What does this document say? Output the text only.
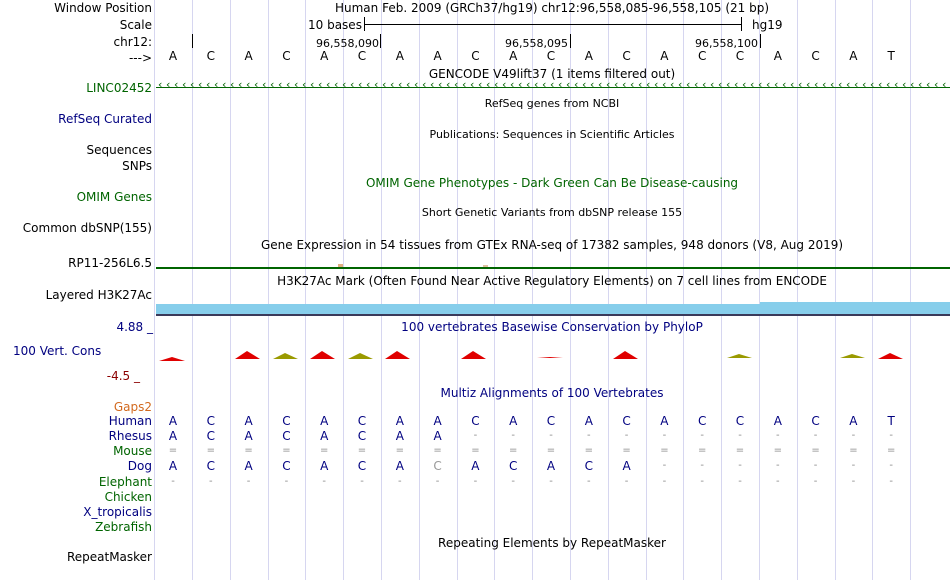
Window Position	Human Feb. 2009 (GRCh37/hg19) chr12:96,558,085-96,558,105 (21 bp)
Scale	10 bases	hg19
chr12:	96,558,090	96,558,095	96,558,100
---> A C A C A C A A C A C A C A C C A C A	T
GENCODE V49lift37 (1 items filtered out)
LINC02452 ‹ ‹ ‹ ‹ ‹ ‹ ‹ ‹ ‹ ‹ ‹ ‹ ‹ ‹ ‹ ‹ ‹ ‹ ‹ ‹ ‹ ‹ ‹ ‹ ‹ ‹ ‹ ‹ ‹ ‹ ‹ ‹ ‹ ‹ ‹ ‹ ‹ ‹ ‹ ‹ ‹ ‹ ‹ ‹ ‹ ‹ ‹ ‹ ‹ ‹ ‹ ‹ ‹ ‹ ‹ ‹ ‹ ‹ ‹ ‹ ‹ ‹ ‹ ‹ ‹ ‹ ‹ ‹ ‹ ‹ ‹ ‹ ‹ ‹ ‹ ‹ ‹ ‹ ‹ ‹ ‹ ‹ ‹ ‹ ‹ ‹ ‹ ‹ ‹ ‹ ‹ ‹ ‹ ‹ ‹ ‹ ‹ ‹ ‹
RefSeq genes from NCBI
RefSeq Curated
Publications: Sequences in Scientific Articles
Sequences
SNPs
OMIM Gene Phenotypes - Dark Green Can Be Disease-causing
OMIM Genes
Short Genetic Variants from dbSNP release 155
Common dbSNP(155)
Gene Expression in 54 tissues from GTEx RNA-seq of 17382 samples, 948 donors (V8, Aug 2019)
RP11-256L6.5
H3K27Ac Mark (Often Found Near Active Regulatory Elements) on 7 cell lines from ENCODE
Layered H3K27Ac
4.88 _	100 vertebrates Basewise Conservation by PhyloP
100 Vert. Cons
-4.5 _
Multiz Alignments of 100 Vertebrates
Gaps2
Human A C A C A C A A C A C A C A C C A C A	T
Rhesus A C A C A C A A	-	-	-	-	-	-	-	-	-	-	-	-
Mouse =	=	=	=	=	=	=	=	=	=	=	=	=	=	=	=	=	=	=	=
Dog A C A C A C A C A C A C A	-	-	-	-	-	-	-
Elephant -	-	-	-	-	-	-	-	-	-	-	-	-	-	-	-	-	-	-	-
Chicken
X_tropicalis
Zebrafish
Repeating Elements by RepeatMasker
RepeatMasker
